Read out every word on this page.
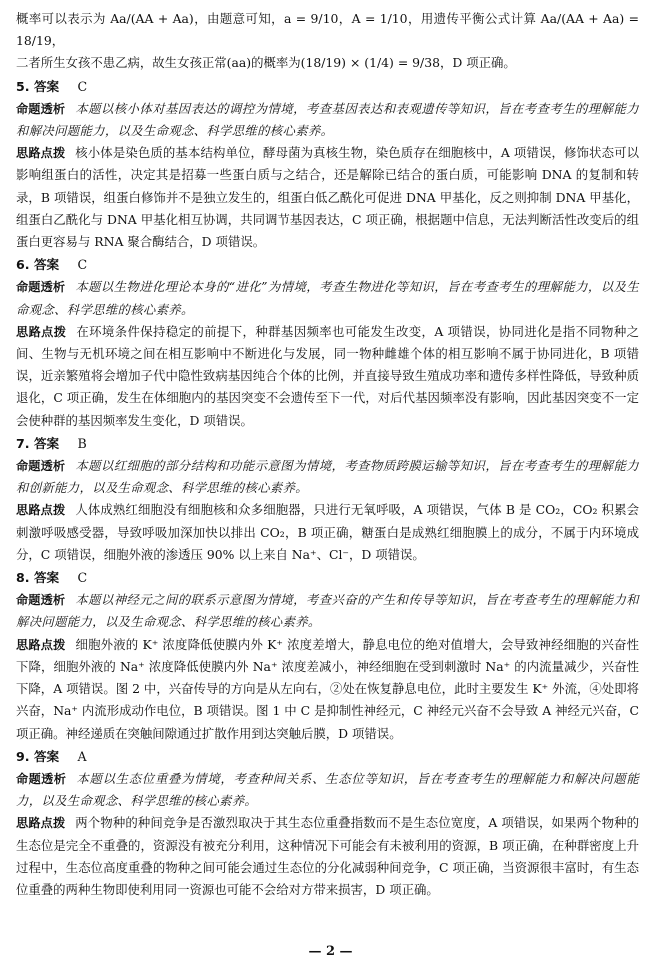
概率可以表示为 Aa/(AA + Aa)，由题意可知，a = 9/10，A = 1/10，用遗传平衡公式计算 Aa/(AA + Aa) = 18/19，

二者所生女孩不患乙病，故生女孩正常(aa)的概率为(18/19) × (1/4) = 9/38，D 项正确。

5. 答案 C

命题透析 本题以核小体对基因表达的调控为情境，考查基因表达和表观遗传等知识，旨在考查考生的理解能力和解决问题能力，以及生命观念、科学思维的核心素养。

思路点拨 核小体是染色质的基本结构单位，酵母菌为真核生物，染色质存在细胞核中，A 项错误，修饰状态可以影响组蛋白的活性，决定其是招募一些蛋白质与之结合，还是解除已结合的蛋白质，可能影响 DNA 的复制和转录，B 项错误，组蛋白修饰并不是独立发生的，组蛋白低乙酰化可促进 DNA 甲基化，反之则抑制 DNA 甲基化，组蛋白乙酰化与 DNA 甲基化相互协调，共同调节基因表达，C 项正确，根据题中信息，无法判断活性改变后的组蛋白更容易与 RNA 聚合酶结合，D 项错误。

6. 答案 C

命题透析 本题以生物进化理论本身的“进化”为情境，考查生物进化等知识，旨在考查考生的理解能力，以及生命观念、科学思维的核心素养。

思路点拨 在环境条件保持稳定的前提下，种群基因频率也可能发生改变，A 项错误，协同进化是指不同物种之间、生物与无机环境之间在相互影响中不断进化与发展，同一物种雌雄个体的相互影响不属于协同进化，B 项错误，近亲繁殖将会增加子代中隐性致病基因纯合个体的比例，并直接导致生殖成功率和遗传多样性降低，导致种质退化，C 项正确，发生在体细胞内的基因突变不会遗传至下一代，对后代基因频率没有影响，因此基因突变不一定会使种群的基因频率发生变化，D 项错误。

7. 答案 B

命题透析 本题以红细胞的部分结构和功能示意图为情境，考查物质跨膜运输等知识，旨在考查考生的理解能力和创新能力，以及生命观念、科学思维的核心素养。

思路点拨 人体成熟红细胞没有细胞核和众多细胞器，只进行无氧呼吸，A 项错误，气体 B 是 CO₂，CO₂ 积累会刺激呼吸感受器，导致呼吸加深加快以排出 CO₂，B 项正确，糖蛋白是成熟红细胞膜上的成分，不属于内环境成分，C 项错误，细胞外液的渗透压 90% 以上来自 Na⁺、Cl⁻，D 项错误。

8. 答案 C

命题透析 本题以神经元之间的联系示意图为情境，考查兴奋的产生和传导等知识，旨在考查考生的理解能力和解决问题能力，以及生命观念、科学思维的核心素养。

思路点拨 细胞外液的 K⁺ 浓度降低使膜内外 K⁺ 浓度差增大，静息电位的绝对值增大，会导致神经细胞的兴奋性下降，细胞外液的 Na⁺ 浓度降低使膜内外 Na⁺ 浓度差减小，神经细胞在受到刺激时 Na⁺ 的内流量减少，兴奋性下降，A 项错误。图 2 中，兴奋传导的方向是从左向右，②处在恢复静息电位，此时主要发生 K⁺ 外流，④处即将兴奋，Na⁺ 内流形成动作电位，B 项错误。图 1 中 C 是抑制性神经元，C 神经元兴奋不会导致 A 神经元兴奋，C 项正确。神经递质在突触间隙通过扩散作用到达突触后膜，D 项错误。

9. 答案 A

命题透析 本题以生态位重叠为情境，考查种间关系、生态位等知识，旨在考查考生的理解能力和解决问题能力，以及生命观念、科学思维的核心素养。

思路点拨 两个物种的种间竞争是否激烈取决于其生态位重叠指数而不是生态位宽度，A 项错误，如果两个物种的生态位是完全不重叠的，资源没有被充分利用，这种情况下可能会有未被利用的资源，B 项正确，在种群密度上升过程中，生态位高度重叠的物种之间可能会通过生态位的分化减弱种间竞争，C 项正确，当资源很丰富时，有生态位重叠的两种生物即使利用同一资源也可能不会给对方带来损害，D 项正确。

— 2 —
